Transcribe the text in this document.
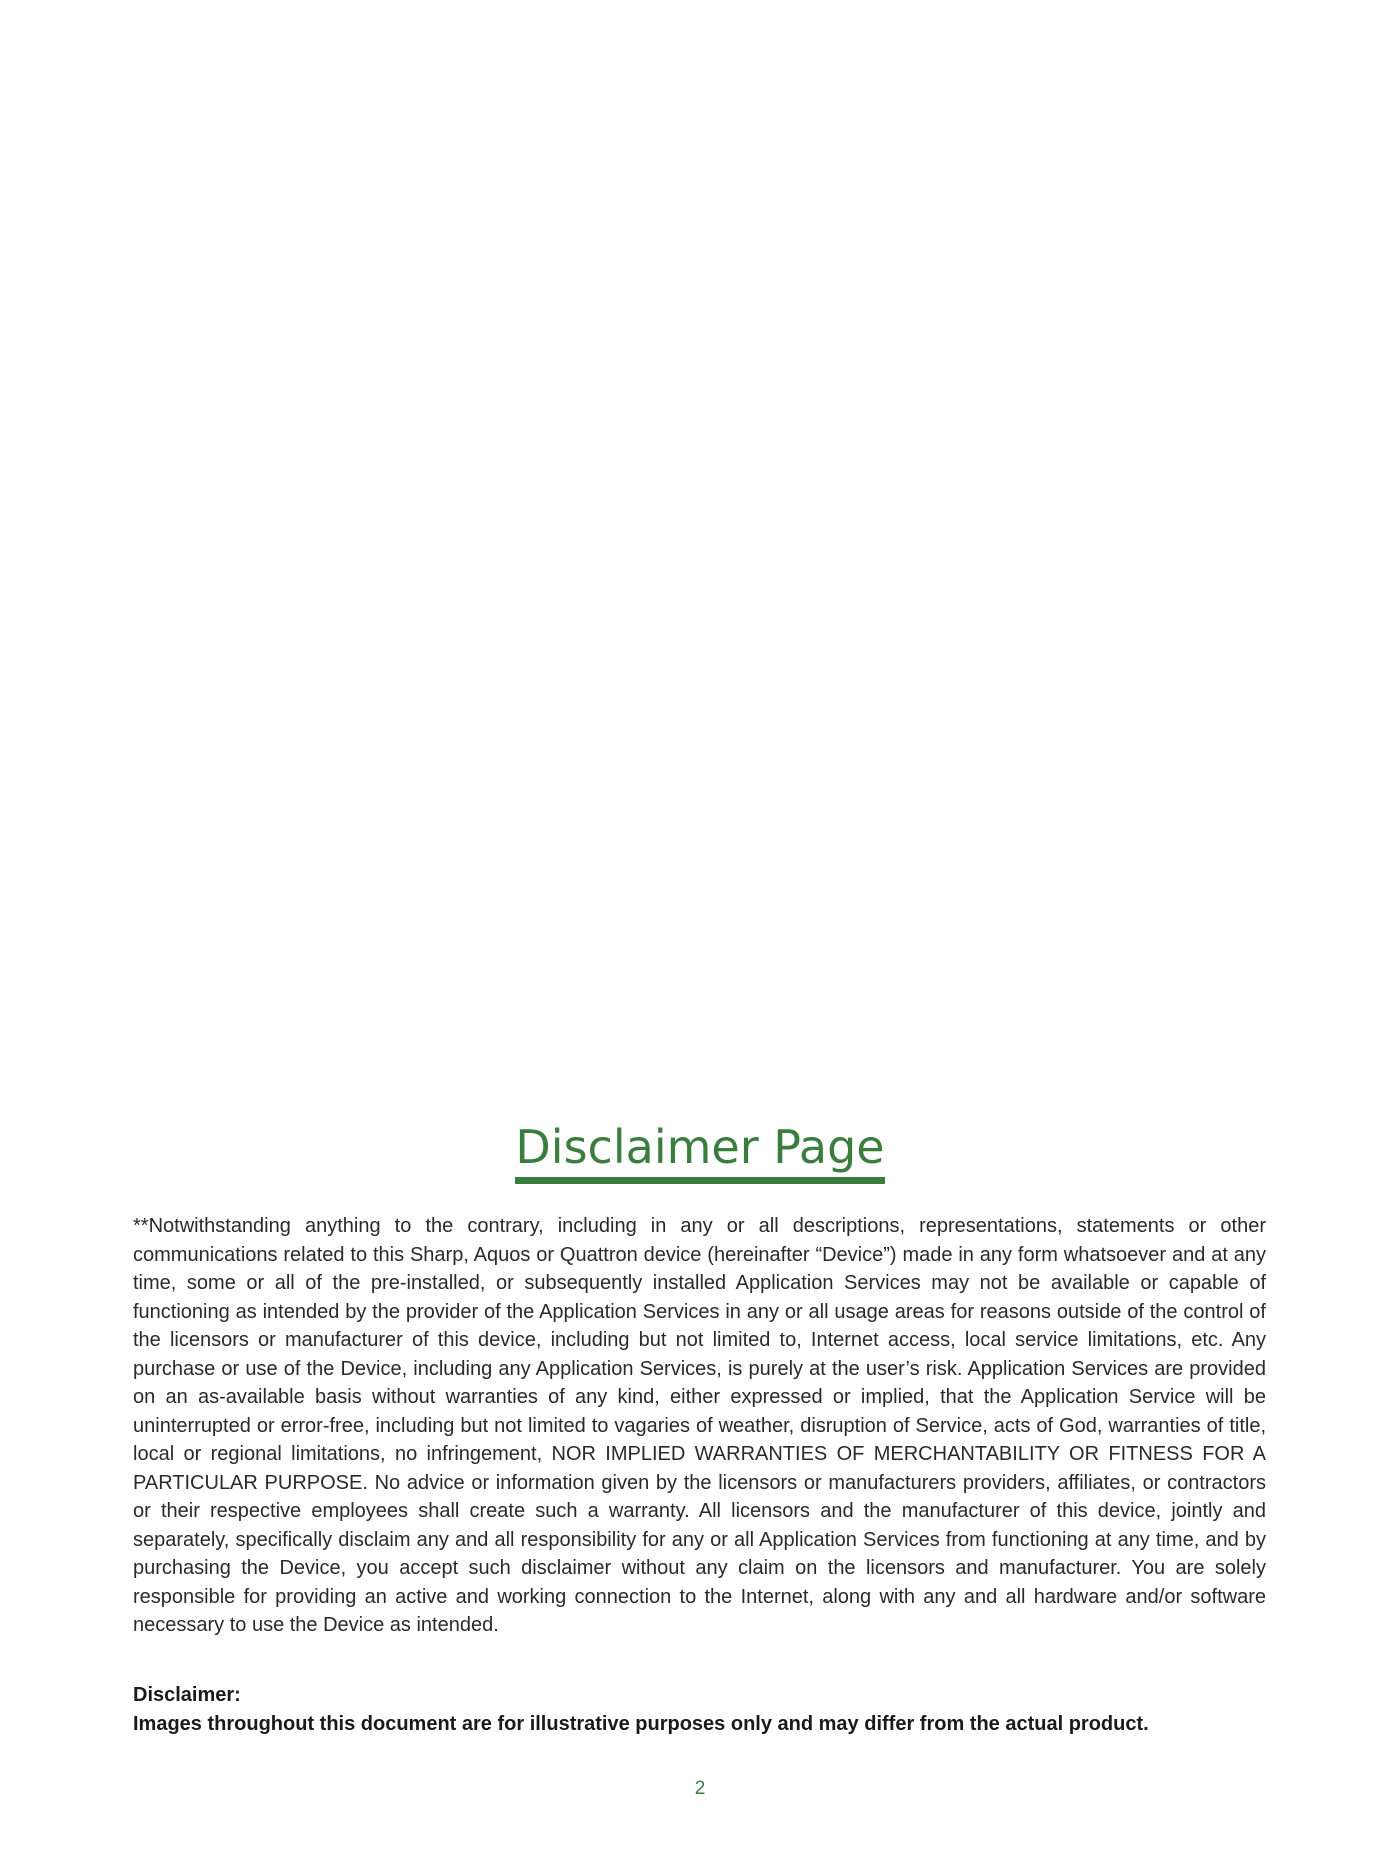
Disclaimer Page

**Notwithstanding anything to the contrary, including in any or all descriptions, representations, statements or other communications related to this Sharp, Aquos or Quattron device (hereinafter “Device”) made in any form whatsoever and at any time, some or all of the pre-installed, or subsequently installed Application Services may not be available or capable of functioning as intended by the provider of the Application Services in any or all usage areas for reasons outside of the control of the licensors or manufacturer of this device, including but not limited to, Internet access, local service limitations, etc. Any purchase or use of the Device, including any Application Services, is purely at the user’s risk. Application Services are provided on an as-available basis without warranties of any kind, either expressed or implied, that the Application Service will be uninterrupted or error-free, including but not limited to vagaries of weather, disruption of Service, acts of God, warranties of title, local or regional limitations, no infringement, NOR IMPLIED WARRANTIES OF MERCHANTABILITY OR FITNESS FOR A PARTICULAR PURPOSE. No advice or information given by the licensors or manufacturers providers, affiliates, or contractors or their respective employees shall create such a warranty. All licensors and the manufacturer of this device, jointly and separately, specifically disclaim any and all responsibility for any or all Application Services from functioning at any time, and by purchasing the Device, you accept such disclaimer without any claim on the licensors and manufacturer. You are solely responsible for providing an active and working connection to the Internet, along with any and all hardware and/or software necessary to use the Device as intended.

Disclaimer:
Images throughout this document are for illustrative purposes only and may differ from the actual product.
2
